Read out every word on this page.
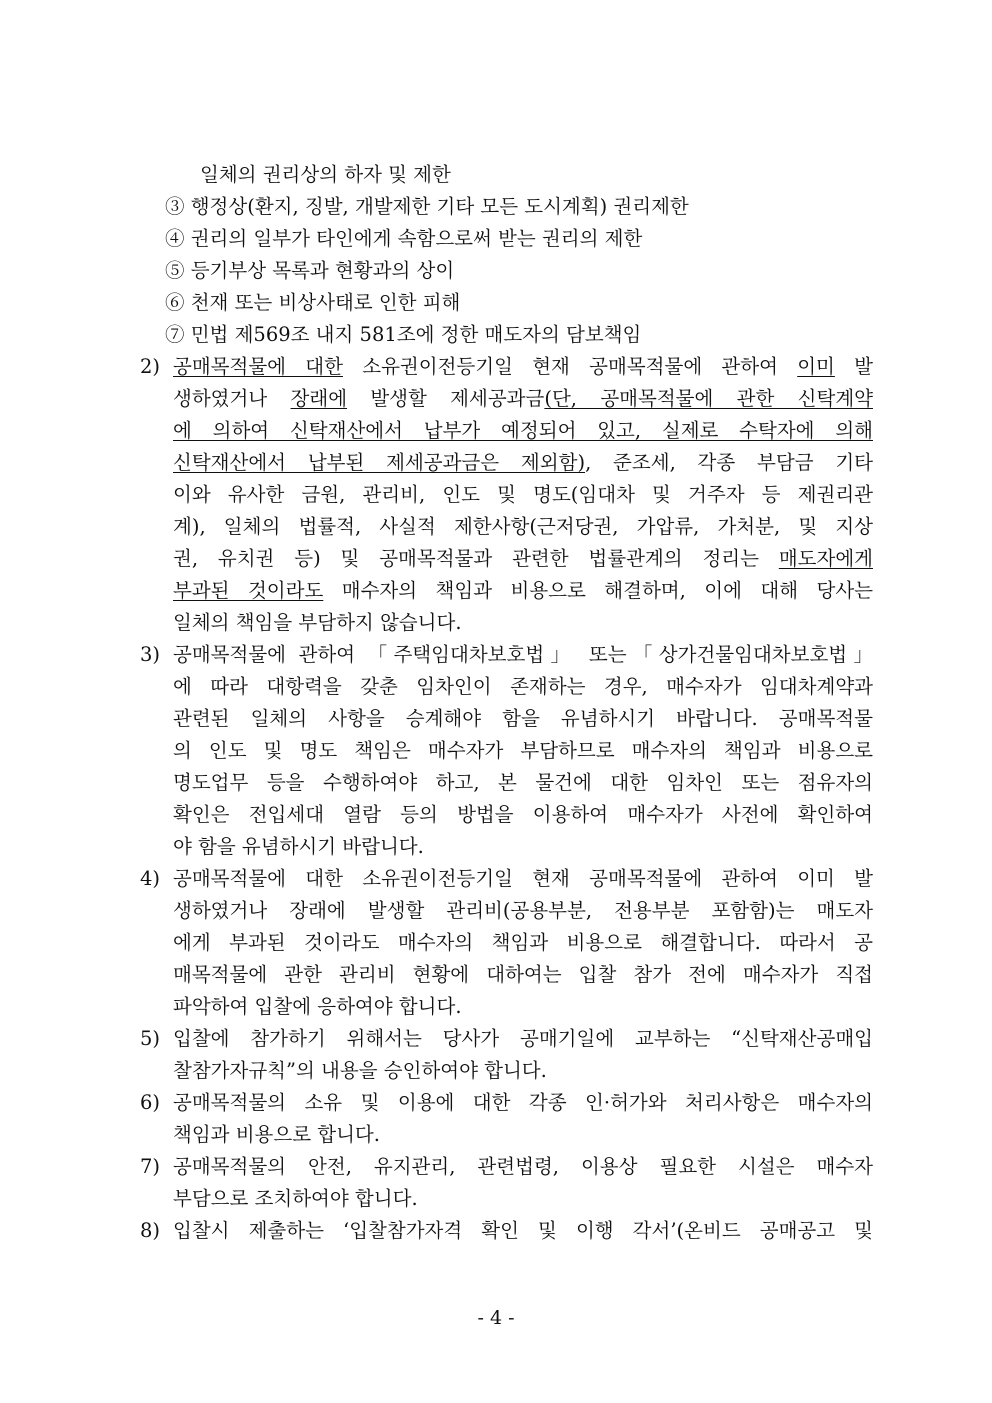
일체의 권리상의 하자 및 제한
③ 행정상(환지, 징발, 개발제한 기타 모든 도시계획) 권리제한
④ 권리의 일부가 타인에게 속함으로써 받는 권리의 제한
⑤ 등기부상 목록과 현황과의 상이
⑥ 천재 또는 비상사태로 인한 피해
⑦ 민법 제569조 내지 581조에 정한 매도자의 담보책임
2) 공매목적물에 대한 소유권이전등기일 현재 공매목적물에 관하여 이미 발
생하였거나 장래에 발생할 제세공과금(단, 공매목적물에 관한 신탁계약
에 의하여 신탁재산에서 납부가 예정되어 있고, 실제로 수탁자에 의해
신탁재산에서 납부된 제세공과금은 제외함), 준조세, 각종 부담금 기타
이와 유사한 금원, 관리비, 인도 및 명도(임대차 및 거주자 등 제권리관
계), 일체의 법률적, 사실적 제한사항(근저당권, 가압류, 가처분, 및 지상
권, 유치권 등) 및 공매목적물과 관련한 법률관계의 정리는 매도자에게
부과된 것이라도 매수자의 책임과 비용으로 해결하며, 이에 대해 당사는
일체의 책임을 부담하지 않습니다.
3) 공매목적물에 관하여 「주택임대차보호법」 또는「상가건물임대차보호법」
에 따라 대항력을 갖춘 임차인이 존재하는 경우, 매수자가 임대차계약과
관련된 일체의 사항을 승계해야 함을 유념하시기 바랍니다. 공매목적물
의 인도 및 명도 책임은 매수자가 부담하므로 매수자의 책임과 비용으로
명도업무 등을 수행하여야 하고, 본 물건에 대한 임차인 또는 점유자의
확인은 전입세대 열람 등의 방법을 이용하여 매수자가 사전에 확인하여
야 함을 유념하시기 바랍니다.
4) 공매목적물에 대한 소유권이전등기일 현재 공매목적물에 관하여 이미 발
생하였거나 장래에 발생할 관리비(공용부분, 전용부분 포함함)는 매도자
에게 부과된 것이라도 매수자의 책임과 비용으로 해결합니다. 따라서 공
매목적물에 관한 관리비 현황에 대하여는 입찰 참가 전에 매수자가 직접
파악하여 입찰에 응하여야 합니다.
5) 입찰에 참가하기 위해서는 당사가 공매기일에 교부하는 “신탁재산공매입
찰참가자규칙”의 내용을 승인하여야 합니다.
6) 공매목적물의 소유 및 이용에 대한 각종 인·허가와 처리사항은 매수자의
책임과 비용으로 합니다.
7) 공매목적물의 안전, 유지관리, 관련법령, 이용상 필요한 시설은 매수자
부담으로 조치하여야 합니다.
8) 입찰시 제출하는 ‘입찰참가자격 확인 및 이행 각서’(온비드 공매공고 및
- 4 -
